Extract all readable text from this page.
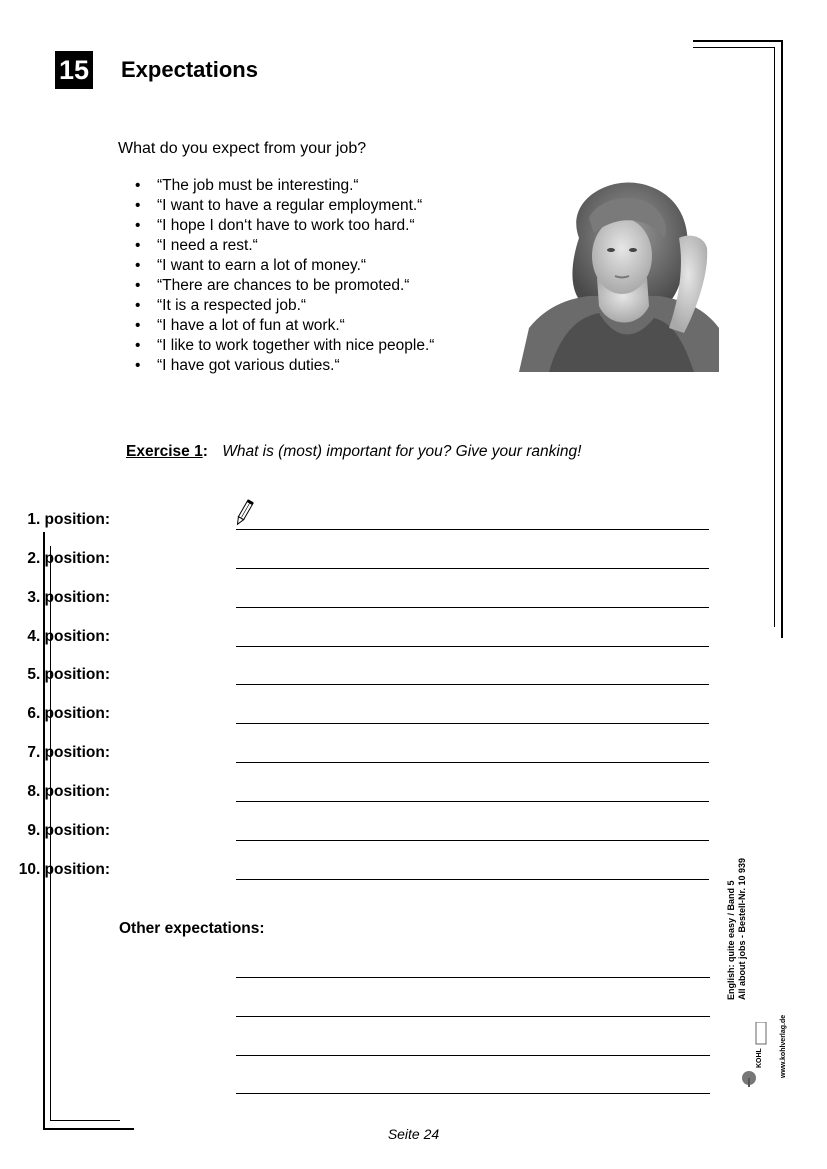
15 Expectations
What do you expect from your job?
• “The job must be interesting.“
• “I want to have a regular employment.“
• “I hope I don‘t have to work too hard.“
• “I need a rest.“
• “I want to earn a lot of money.“
• “There are chances to be promoted.“
• “It is a respected job.“
• “I have a lot of fun at work.“
• “I like to work together with nice people.“
• “I have got various duties.“
Exercise 1: What is (most) important for you? Give your ranking!
1. position:
2. position:
3. position:
4. position:
5. position:
6. position:
7. position:
8. position:
9. position:
10. position:
Other expectations:	English: quite easy / Band 5 All about jobs - Bestell-Nr. 10 939
KOHL www.kohlverlag.de
Seite 24
